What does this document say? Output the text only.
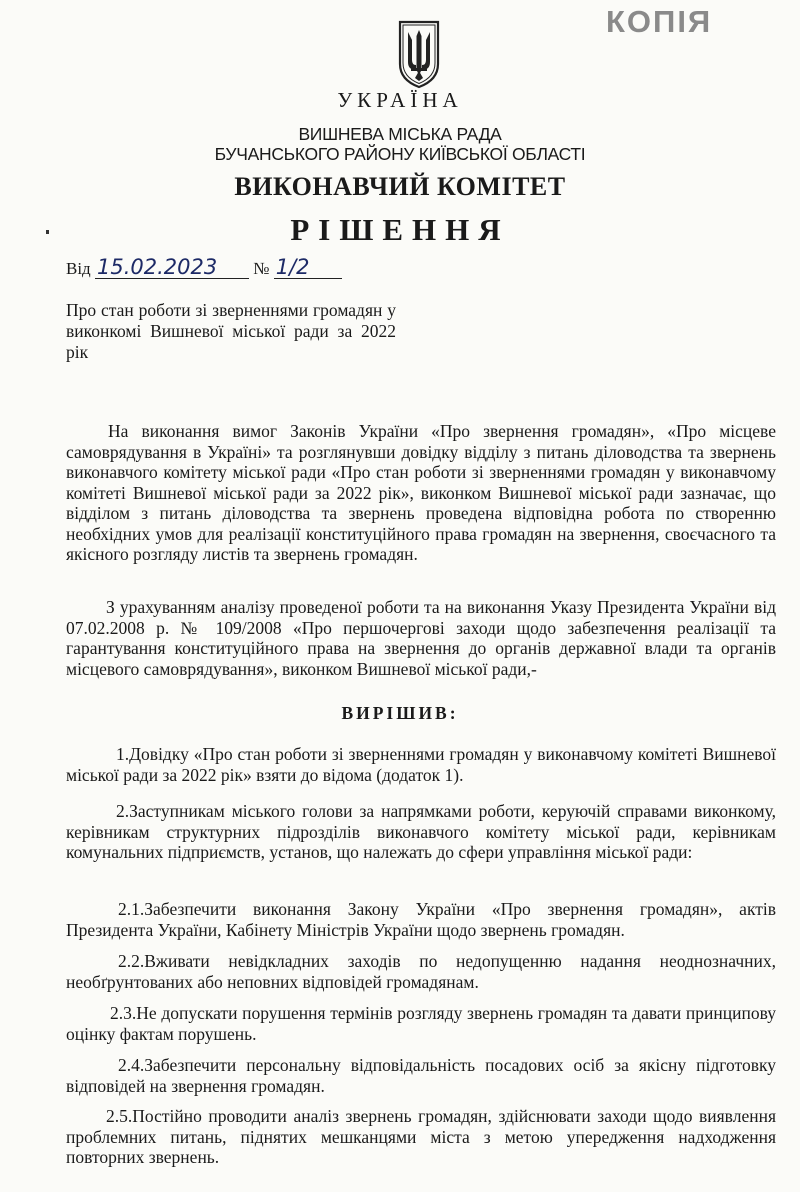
КОПІЯ
УКРАЇНА
ВИШНЕВА МІСЬКА РАДА
БУЧАНСЬКОГО РАЙОНУ КИЇВСЬКОЇ ОБЛАСТІ
ВИКОНАВЧИЙ КОМІТЕТ
РІШЕННЯ
Від 15.02.2023 № 1/2

Про стан роботи зі зверненнями громадян у виконкомі Вишневої міської ради за 2022 рік

На виконання вимог Законів України «Про звернення громадян», «Про місцеве самоврядування в Україні» та розглянувши довідку відділу з питань діловодства та звернень виконавчого комітету міської ради «Про стан роботи зі зверненнями громадян у виконавчому комітеті Вишневої міської ради за 2022 рік», виконком Вишневої міської ради зазначає, що відділом з питань діловодства та звернень проведена відповідна робота по створенню необхідних умов для реалізації конституційного права громадян на звернення, своєчасного та якісного розгляду листів та звернень громадян.

З урахуванням аналізу проведеної роботи та на виконання Указу Президента України від 07.02.2008 р. № 109/2008 «Про першочергові заходи щодо забезпечення реалізації та гарантування конституційного права на звернення до органів державної влади та органів місцевого самоврядування», виконком Вишневої міської ради,-

ВИРІШИВ:

1.Довідку «Про стан роботи зі зверненнями громадян у виконавчому комітеті Вишневої міської ради за 2022 рік» взяти до відома (додаток 1).

2.Заступникам міського голови за напрямками роботи, керуючій справами виконкому, керівникам структурних підрозділів виконавчого комітету міської ради, керівникам комунальних підприємств, установ, що належать до сфери управління міської ради:

2.1.Забезпечити виконання Закону України «Про звернення громадян», актів Президента України, Кабінету Міністрів України щодо звернень громадян.

2.2.Вживати невідкладних заходів по недопущенню надання неоднозначних, необґрунтованих або неповних відповідей громадянам.

2.3.Не допускати порушення термінів розгляду звернень громадян та давати принципову оцінку фактам порушень.

2.4.Забезпечити персональну відповідальність посадових осіб за якісну підготовку відповідей на звернення громадян.

2.5.Постійно проводити аналіз звернень громадян, здійснювати заходи щодо виявлення проблемних питань, піднятих мешканцями міста з метою упередження надходження повторних звернень.
